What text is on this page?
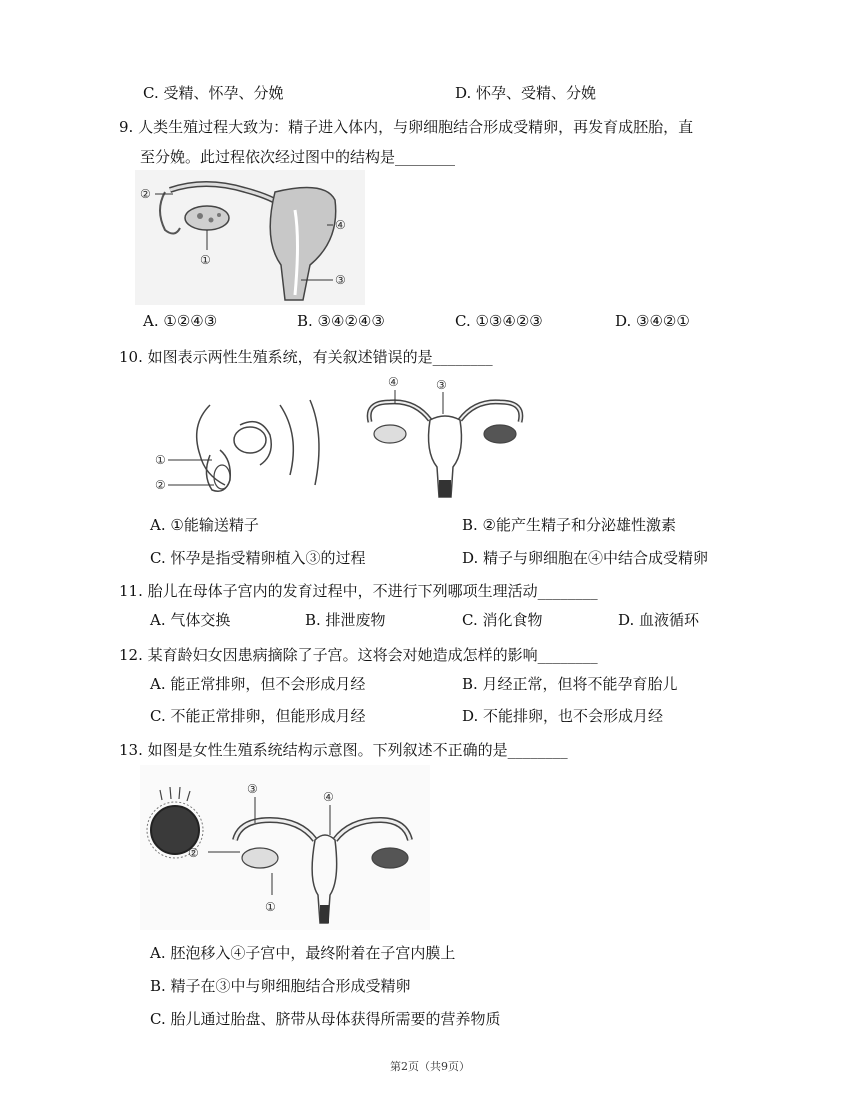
C. 受精、怀孕、分娩	D. 怀孕、受精、分娩
9. 人类生殖过程大致为：精子进入体内，与卵细胞结合形成受精卵，再发育成胚胎，直
至分娩。此过程依次经过图中的结构是________
②
④
①
③
A. ①②④③	B. ③④②④③	C. ①③④②③	D. ③④②①
10. 如图表示两性生殖系统，有关叙述错误的是________
①
②
④	③
A. ①能输送精子	B. ②能产生精子和分泌雄性激素
C. 怀孕是指受精卵植入③的过程	D. 精子与卵细胞在④中结合成受精卵
11. 胎儿在母体子宫内的发育过程中，不进行下列哪项生理活动________
A. 气体交换	B. 排泄废物	C. 消化食物	D. 血液循环
12. 某育龄妇女因患病摘除了子宫。这将会对她造成怎样的影响________
A. 能正常排卵，但不会形成月经	B. 月经正常，但将不能孕育胎儿
C. 不能正常排卵，但能形成月经	D. 不能排卵，也不会形成月经
13. 如图是女性生殖系统结构示意图。下列叙述不正确的是________
③
④
②
①
A. 胚泡移入④子宫中，最终附着在子宫内膜上
B. 精子在③中与卵细胞结合形成受精卵
C. 胎儿通过胎盘、脐带从母体获得所需要的营养物质
第2页（共9页）
